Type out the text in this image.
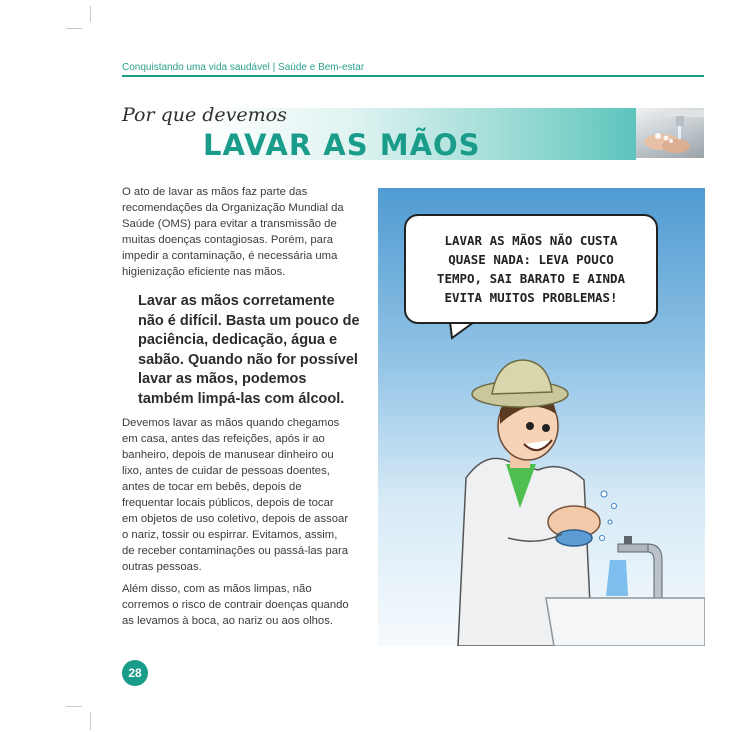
Conquistando uma vida saudável | Saúde e Bem-estar
Por que devemos
LAVAR AS MÃOS

O ato de lavar as mãos faz parte das recomendações da Organização Mundial da Saúde (OMS) para evitar a transmissão de muitas doenças contagiosas. Porém, para impedir a contaminação, é necessária uma higienização eficiente nas mãos.

Lavar as mãos corretamente não é difícil. Basta um pouco de paciência, dedicação, água e sabão. Quando não for possível lavar as mãos, podemos também limpá-las com álcool.

Devemos lavar as mãos quando chegamos em casa, antes das refeições, após ir ao banheiro, depois de manusear dinheiro ou lixo, antes de cuidar de pessoas doentes, antes de tocar em bebês, depois de frequentar locais públicos, depois de tocar em objetos de uso coletivo, depois de assoar o nariz, tossir ou espirrar. Evitamos, assim, de receber contaminações ou passá-las para outras pessoas.

Além disso, com as mãos limpas, não corremos o risco de contrair doenças quando as levamos à boca, ao nariz ou aos olhos.

LAVAR AS MÃOS NÃO CUSTA QUASE NADA: LEVA POUCO TEMPO, SAI BARATO E AINDA EVITA MUITOS PROBLEMAS!
28
